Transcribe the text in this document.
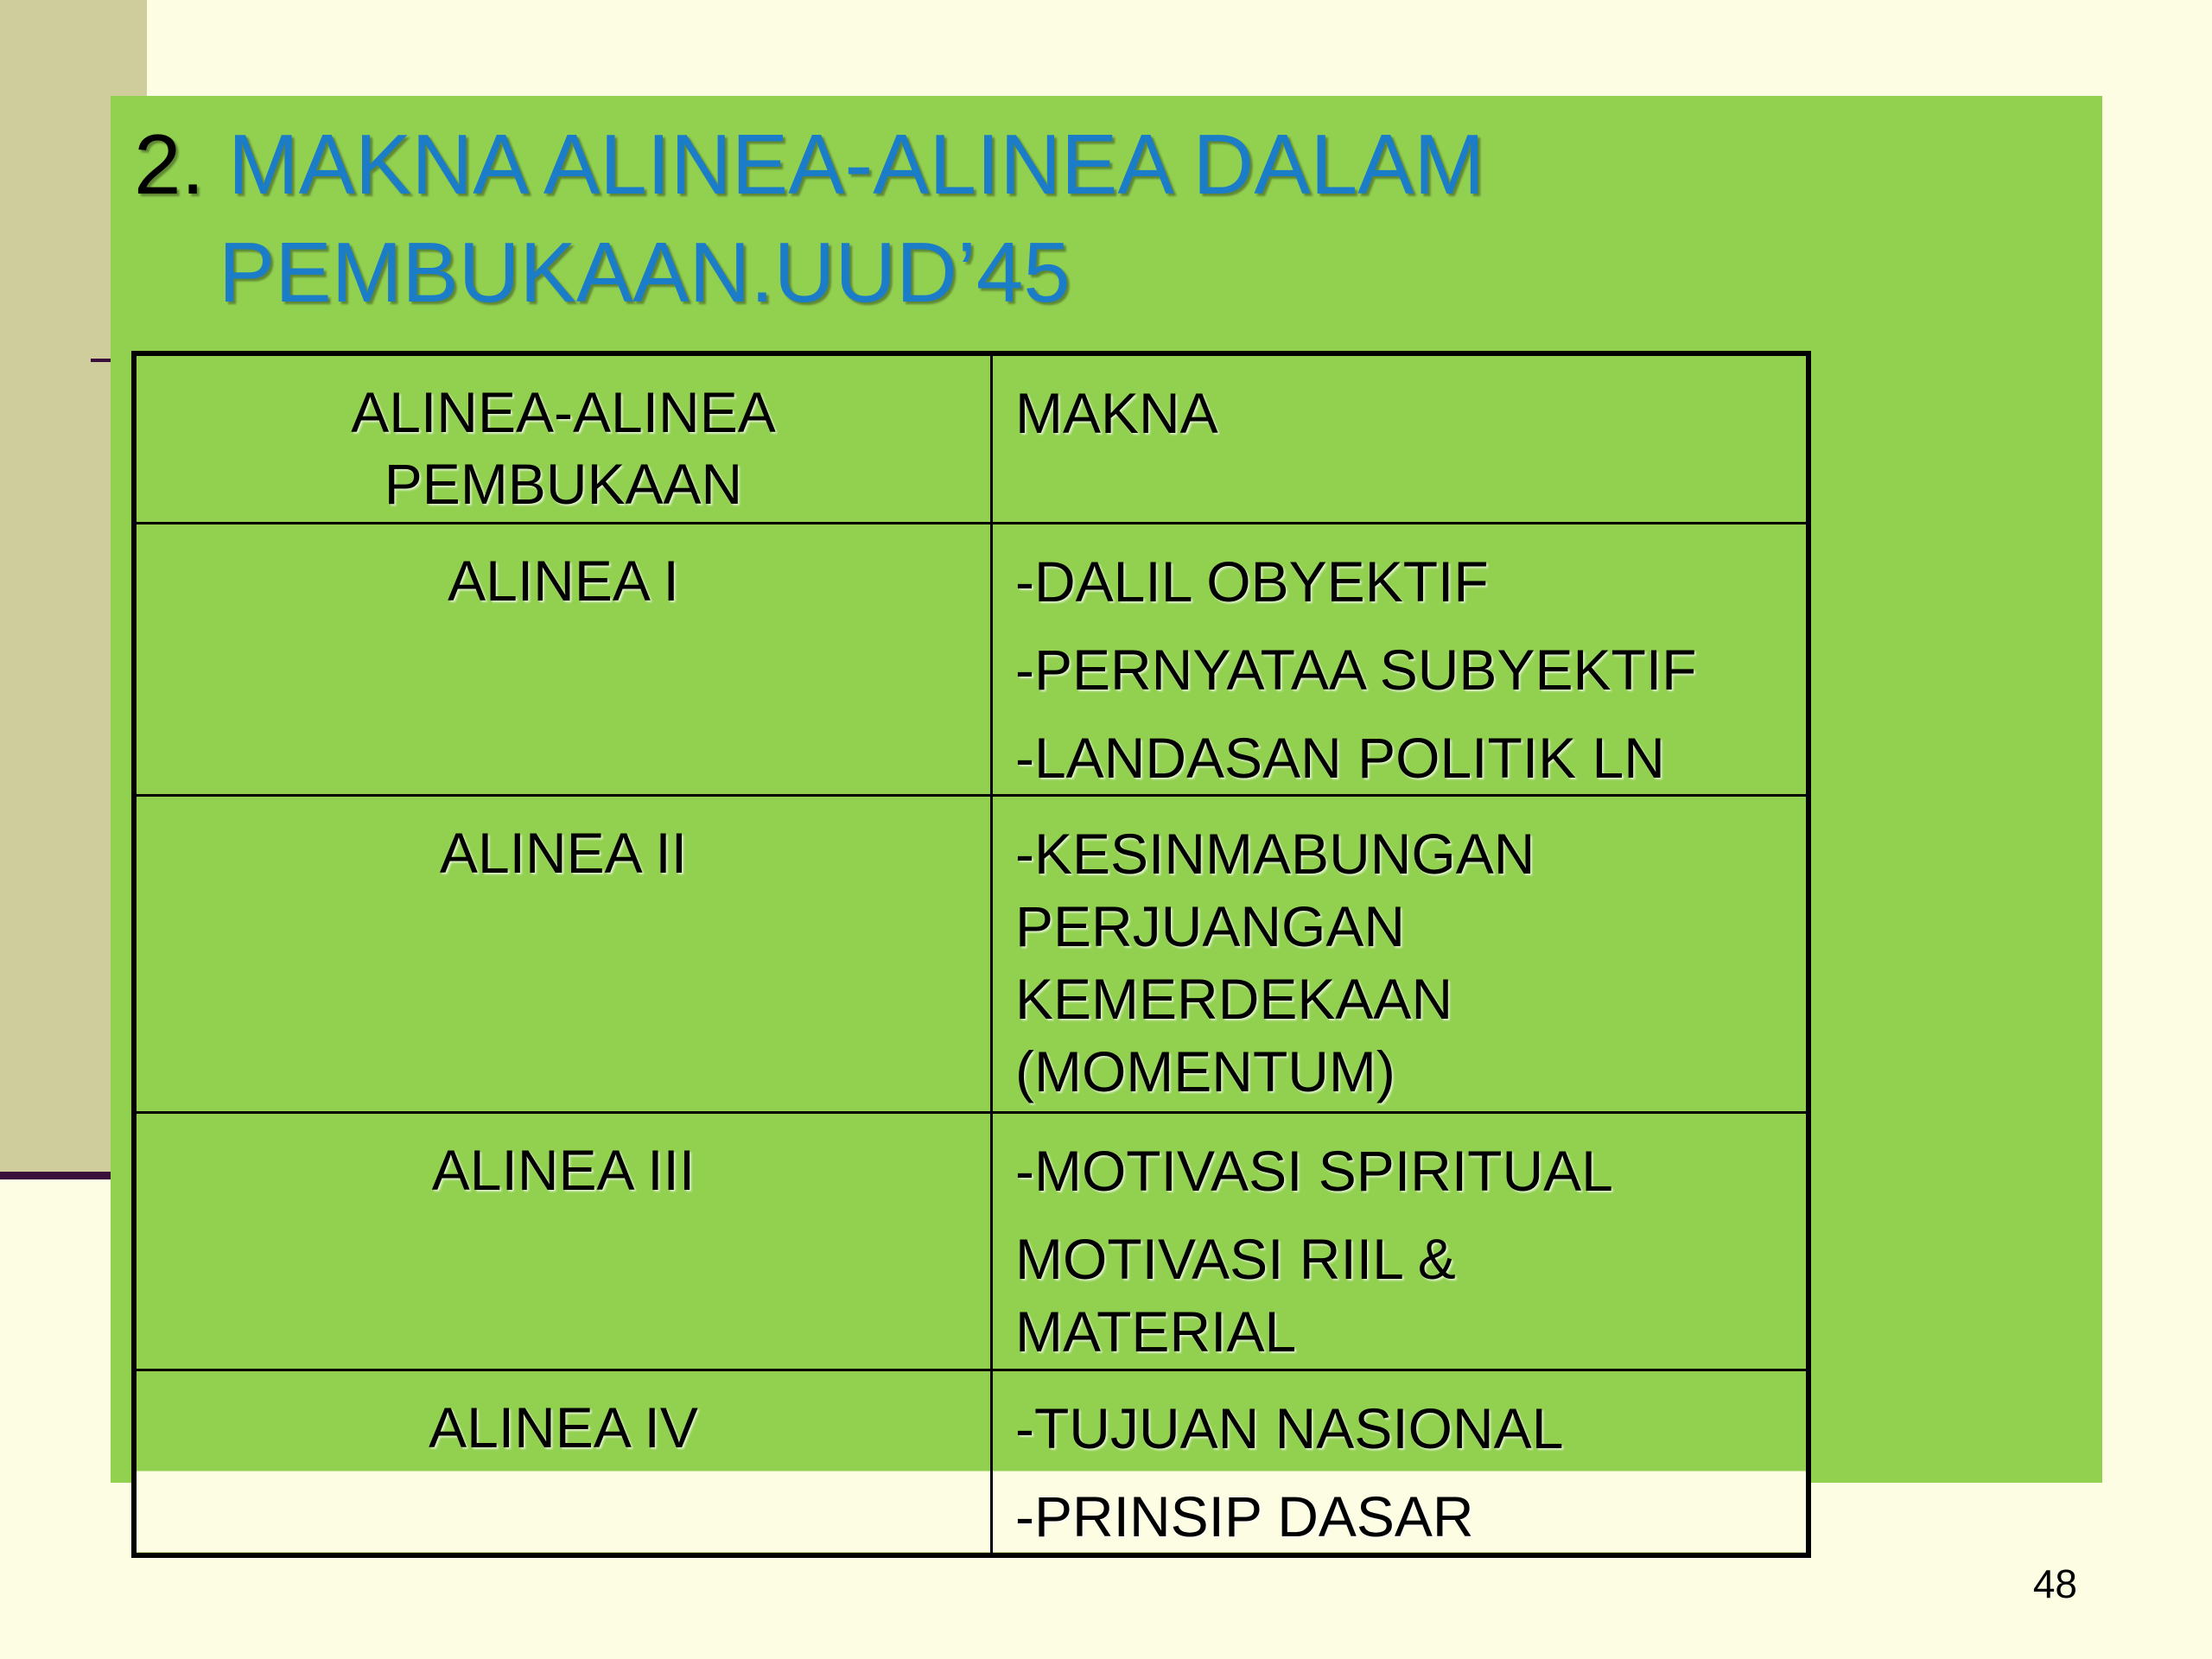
2. MAKNA ALINEA-ALINEA DALAM
PEMBUKAAN.UUD’45
ALINEA-ALINEA
PEMBUKAAN	MAKNA

ALINEA I	-DALIL OBYEKTIF
-PERNYATAA SUBYEKTIF
-LANDASAN POLITIK LN

ALINEA II	-KESINMABUNGAN
PERJUANGAN
KEMERDEKAAN
(MOMENTUM)

ALINEA III	-MOTIVASI SPIRITUAL
MOTIVASI RIIL &
MATERIAL

ALINEA IV	-TUJUAN NASIONAL
-PRINSIP DASAR
48
